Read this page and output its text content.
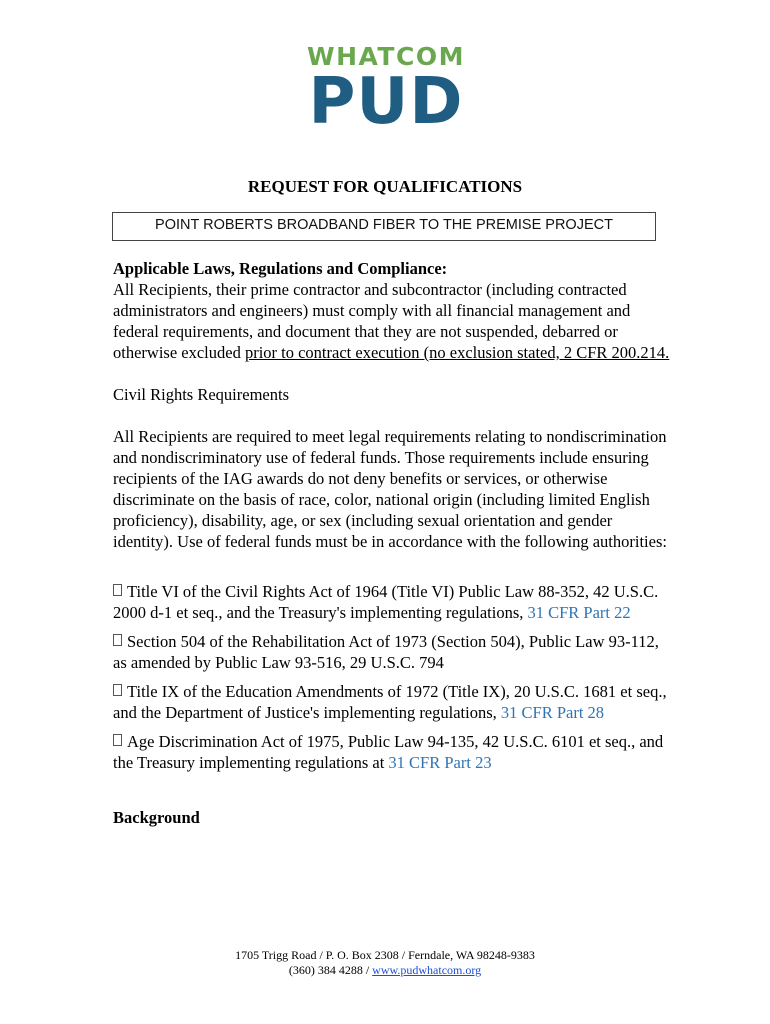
WHATCOM
PUD
REQUEST FOR QUALIFICATIONS
POINT ROBERTS BROADBAND FIBER TO THE PREMISE PROJECT

Applicable Laws, Regulations and Compliance:

All Recipients, their prime contractor and subcontractor (including contracted administrators and engineers) must comply with all financial management and federal requirements, and document that they are not suspended, debarred or otherwise excluded prior to contract execution (no exclusion stated, 2 CFR 200.214.

Civil Rights Requirements

All Recipients are required to meet legal requirements relating to nondiscrimination and nondiscriminatory use of federal funds. Those requirements include ensuring recipients of the IAG awards do not deny benefits or services, or otherwise discriminate on the basis of race, color, national origin (including limited English proficiency), disability, age, or sex (including sexual orientation and gender identity). Use of federal funds must be in accordance with the following authorities:

Title VI of the Civil Rights Act of 1964 (Title VI) Public Law 88-352, 42 U.S.C. 2000 d-1 et seq., and the Treasury's implementing regulations, 31 CFR Part 22

Section 504 of the Rehabilitation Act of 1973 (Section 504), Public Law 93-112, as amended by Public Law 93-516, 29 U.S.C. 794

Title IX of the Education Amendments of 1972 (Title IX), 20 U.S.C. 1681 et seq., and the Department of Justice's implementing regulations, 31 CFR Part 28

Age Discrimination Act of 1975, Public Law 94-135, 42 U.S.C. 6101 et seq., and the Treasury implementing regulations at 31 CFR Part 23

Background

1705 Trigg Road / P. O. Box 2308 / Ferndale, WA 98248-9383
(360) 384 4288 / www.pudwhatcom.org
